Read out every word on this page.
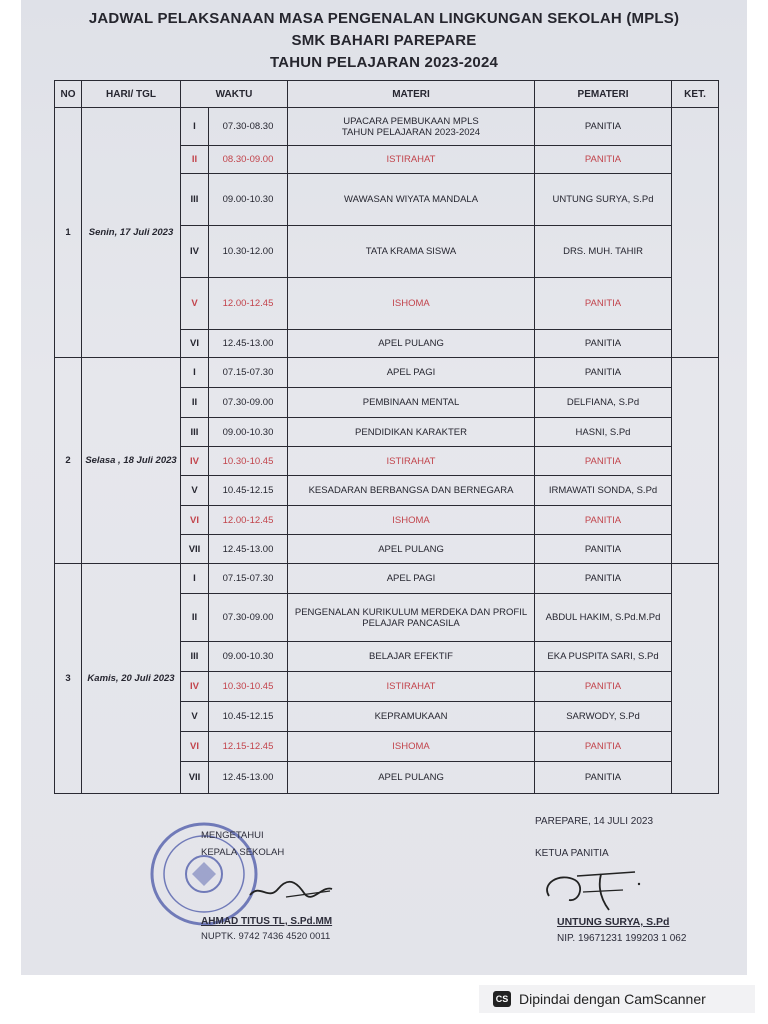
JADWAL PELAKSANAAN MASA PENGENALAN LINGKUNGAN SEKOLAH (MPLS)
SMK BAHARI PAREPARE
TAHUN PELAJARAN 2023-2024
NO	HARI/ TGL	WAKTU		MATERI	PEMATERI	KET.
1	Senin, 17 Juli 2023	I	07.30-08.30	UPACARA PEMBUKAAN MPLS
TAHUN PELAJARAN 2023-2024	PANITIA	
		II	08.30-09.00	ISTIRAHAT	PANITIA	
		III	09.00-10.30	WAWASAN WIYATA MANDALA	UNTUNG SURYA, S.Pd	
		IV	10.30-12.00	TATA KRAMA SISWA	DRS. MUH. TAHIR	
		V	12.00-12.45	ISHOMA	PANITIA	
		VI	12.45-13.00	APEL PULANG	PANITIA	
2	Selasa , 18 Juli 2023	I	07.15-07.30	APEL PAGI	PANITIA	
		II	07.30-09.00	PEMBINAAN MENTAL	DELFIANA, S.Pd	
		III	09.00-10.30	PENDIDIKAN KARAKTER	HASNI, S.Pd	
		IV	10.30-10.45	ISTIRAHAT	PANITIA	
		V	10.45-12.15	KESADARAN BERBANGSA DAN BERNEGARA	IRMAWATI SONDA, S.Pd	
		VI	12.00-12.45	ISHOMA	PANITIA	
		VII	12.45-13.00	APEL PULANG	PANITIA	
3	Kamis, 20 Juli 2023	I	07.15-07.30	APEL PAGI	PANITIA	
		II	07.30-09.00	PENGENALAN KURIKULUM MERDEKA DAN PROFIL
PELAJAR PANCASILA	ABDUL HAKIM, S.Pd.M.Pd	
		III	09.00-10.30	BELAJAR EFEKTIF	EKA PUSPITA SARI, S.Pd	
		IV	10.30-10.45	ISTIRAHAT	PANITIA	
		V	10.45-12.15	KEPRAMUKAAN	SARWODY, S.Pd	
		VI	12.15-12.45	ISHOMA	PANITIA	
		VII	12.45-13.00	APEL PULANG	PANITIA	
MENGETAHUI
KEPALA SEKOLAH
AHMAD TITUS TL, S.Pd.MM
NUPTK. 9742 7436 4520 0011
PAREPARE, 14 JULI 2023
KETUA PANITIA
UNTUNG SURYA, S.Pd
NIP. 19671231 199203 1 062
CS Dipindai dengan CamScanner
